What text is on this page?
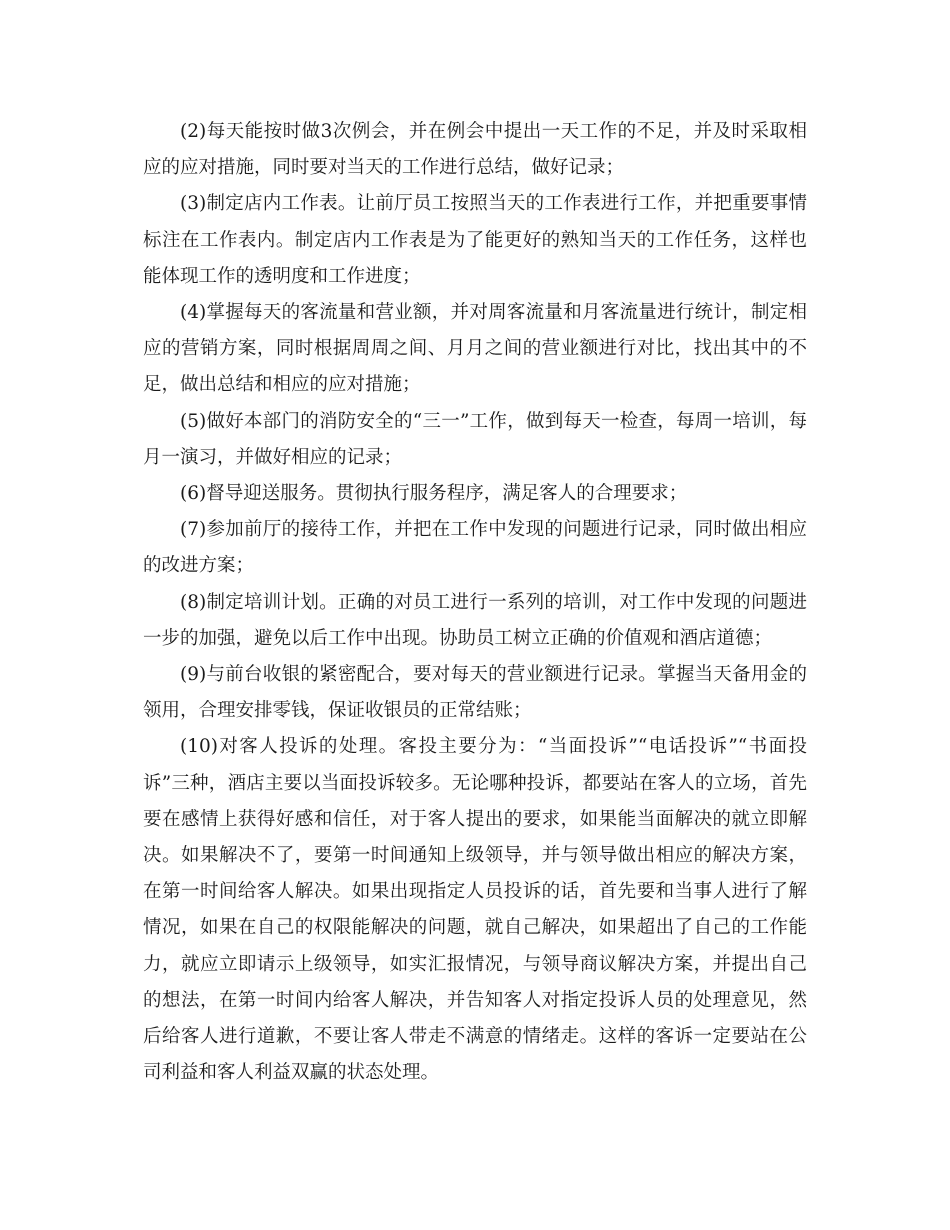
(2)每天能按时做3次例会，并在例会中提出一天工作的不足，并及时采取相应的应对措施，同时要对当天的工作进行总结，做好记录；

(3)制定店内工作表。让前厅员工按照当天的工作表进行工作，并把重要事情标注在工作表内。制定店内工作表是为了能更好的熟知当天的工作任务，这样也能体现工作的透明度和工作进度；

(4)掌握每天的客流量和营业额，并对周客流量和月客流量进行统计，制定相应的营销方案，同时根据周周之间、月月之间的营业额进行对比，找出其中的不足，做出总结和相应的应对措施；

(5)做好本部门的消防安全的“三一”工作，做到每天一检查，每周一培训，每月一演习，并做好相应的记录；

(6)督导迎送服务。贯彻执行服务程序，满足客人的合理要求；

(7)参加前厅的接待工作，并把在工作中发现的问题进行记录，同时做出相应的改进方案；

(8)制定培训计划。正确的对员工进行一系列的培训，对工作中发现的问题进一步的加强，避免以后工作中出现。协助员工树立正确的价值观和酒店道德；

(9)与前台收银的紧密配合，要对每天的营业额进行记录。掌握当天备用金的领用，合理安排零钱，保证收银员的正常结账；

(10)对客人投诉的处理。客投主要分为：“当面投诉”“电话投诉”“书面投诉”三种，酒店主要以当面投诉较多。无论哪种投诉，都要站在客人的立场，首先要在感情上获得好感和信任，对于客人提出的要求，如果能当面解决的就立即解决。如果解决不了，要第一时间通知上级领导，并与领导做出相应的解决方案，在第一时间给客人解决。如果出现指定人员投诉的话，首先要和当事人进行了解情况，如果在自己的权限能解决的问题，就自己解决，如果超出了自己的工作能力，就应立即请示上级领导，如实汇报情况，与领导商议解决方案，并提出自己的想法，在第一时间内给客人解决，并告知客人对指定投诉人员的处理意见，然后给客人进行道歉，不要让客人带走不满意的情绪走。这样的客诉一定要站在公司利益和客人利益双赢的状态处理。
